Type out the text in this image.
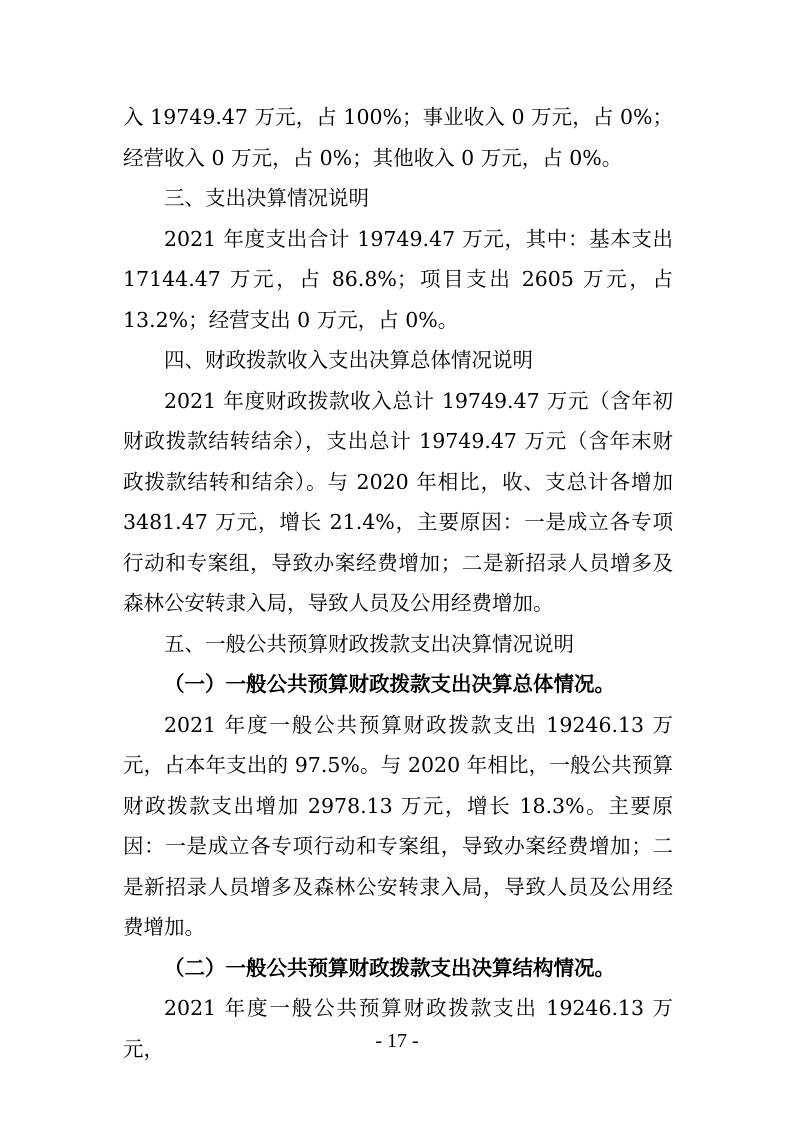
入 19749.47 万元，占 100%；事业收入 0 万元，占 0%；经营收入 0 万元，占 0%；其他收入 0 万元，占 0%。

三、支出决算情况说明

2021 年度支出合计 19749.47 万元，其中：基本支出 17144.47 万元，占 86.8%；项目支出 2605 万元，占 13.2%；经营支出 0 万元，占 0%。

四、财政拨款收入支出决算总体情况说明

2021 年度财政拨款收入总计 19749.47 万元（含年初财政拨款结转结余），支出总计 19749.47 万元（含年末财政拨款结转和结余）。与 2020 年相比，收、支总计各增加 3481.47 万元，增长 21.4%，主要原因：一是成立各专项行动和专案组，导致办案经费增加；二是新招录人员增多及森林公安转隶入局，导致人员及公用经费增加。

五、一般公共预算财政拨款支出决算情况说明

（一）一般公共预算财政拨款支出决算总体情况。

2021 年度一般公共预算财政拨款支出 19246.13 万元，占本年支出的 97.5%。与 2020 年相比，一般公共预算财政拨款支出增加 2978.13 万元，增长 18.3%。主要原因：一是成立各专项行动和专案组，导致办案经费增加；二是新招录人员增多及森林公安转隶入局，导致人员及公用经费增加。

（二）一般公共预算财政拨款支出决算结构情况。

2021 年度一般公共预算财政拨款支出 19246.13 万元，	- 17 -
